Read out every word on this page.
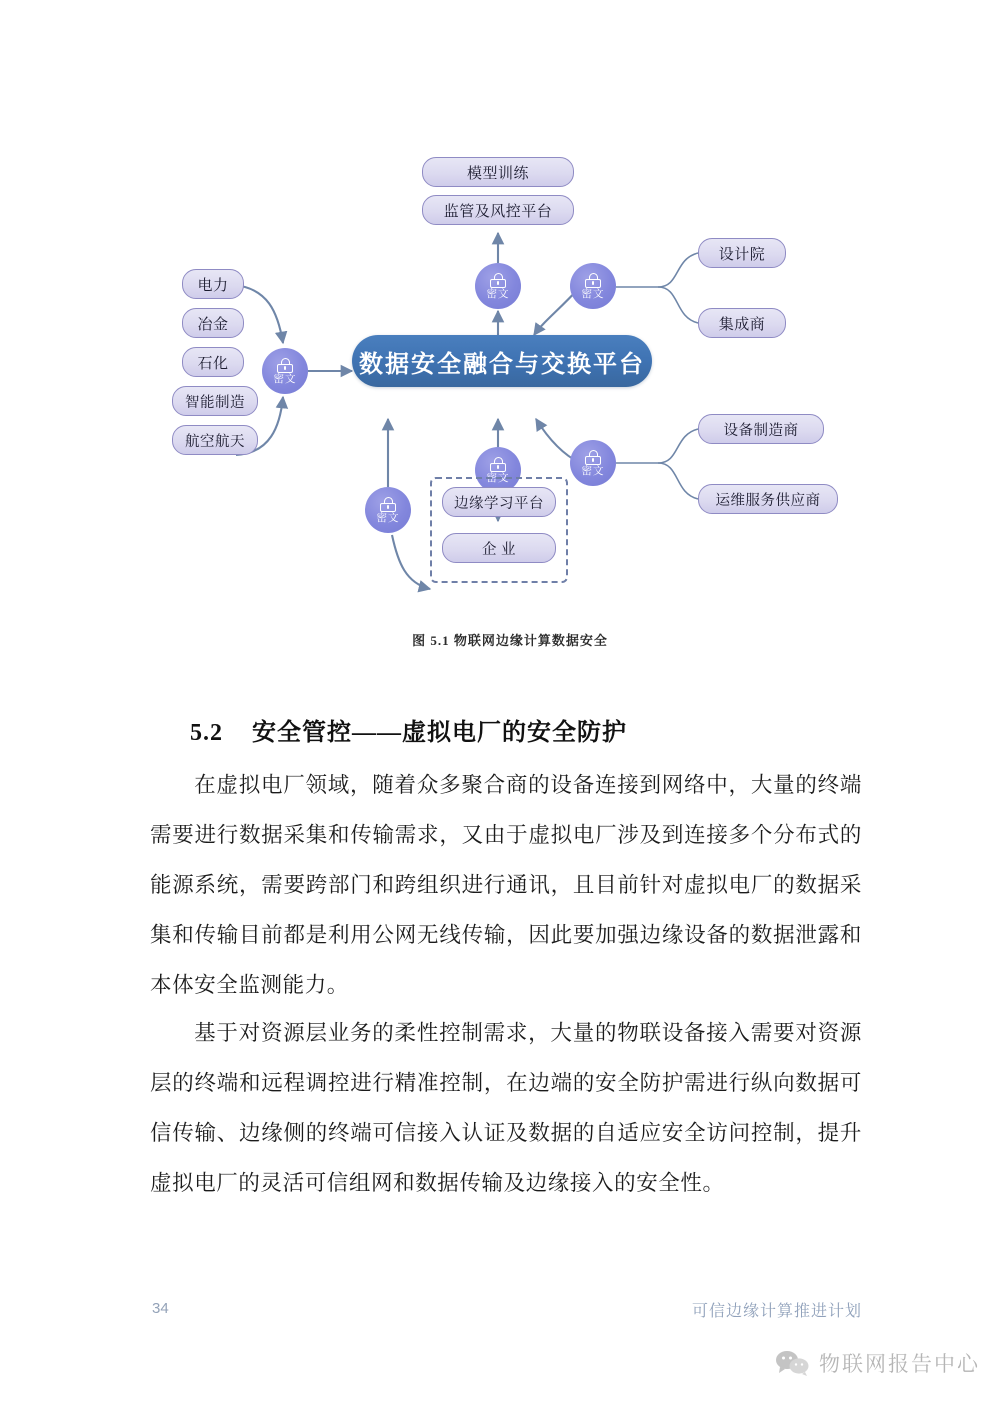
模型训练
监管及风控平台
电力
冶金
石化
智能制造
航空航天
数据安全融合与交换平台
密文
密文	密文
密文
密文
密文
设计院
集成商
设备制造商
运维服务供应商
边缘学习平台
企 业
图 5.1 物联网边缘计算数据安全
5.2 安全管控——虚拟电厂的安全防护
在虚拟电厂领域，随着众多聚合商的设备连接到网络中，大量的终端需要进行数据采集和传输需求，又由于虚拟电厂涉及到连接多个分布式的能源系统，需要跨部门和跨组织进行通讯，且目前针对虚拟电厂的数据采集和传输目前都是利用公网无线传输，因此要加强边缘设备的数据泄露和本体安全监测能力。
基于对资源层业务的柔性控制需求，大量的物联设备接入需要对资源层的终端和远程调控进行精准控制，在边端的安全防护需进行纵向数据可信传输、边缘侧的终端可信接入认证及数据的自适应安全访问控制，提升虚拟电厂的灵活可信组网和数据传输及边缘接入的安全性。
34	可信边缘计算推进计划
物联网报告中心
